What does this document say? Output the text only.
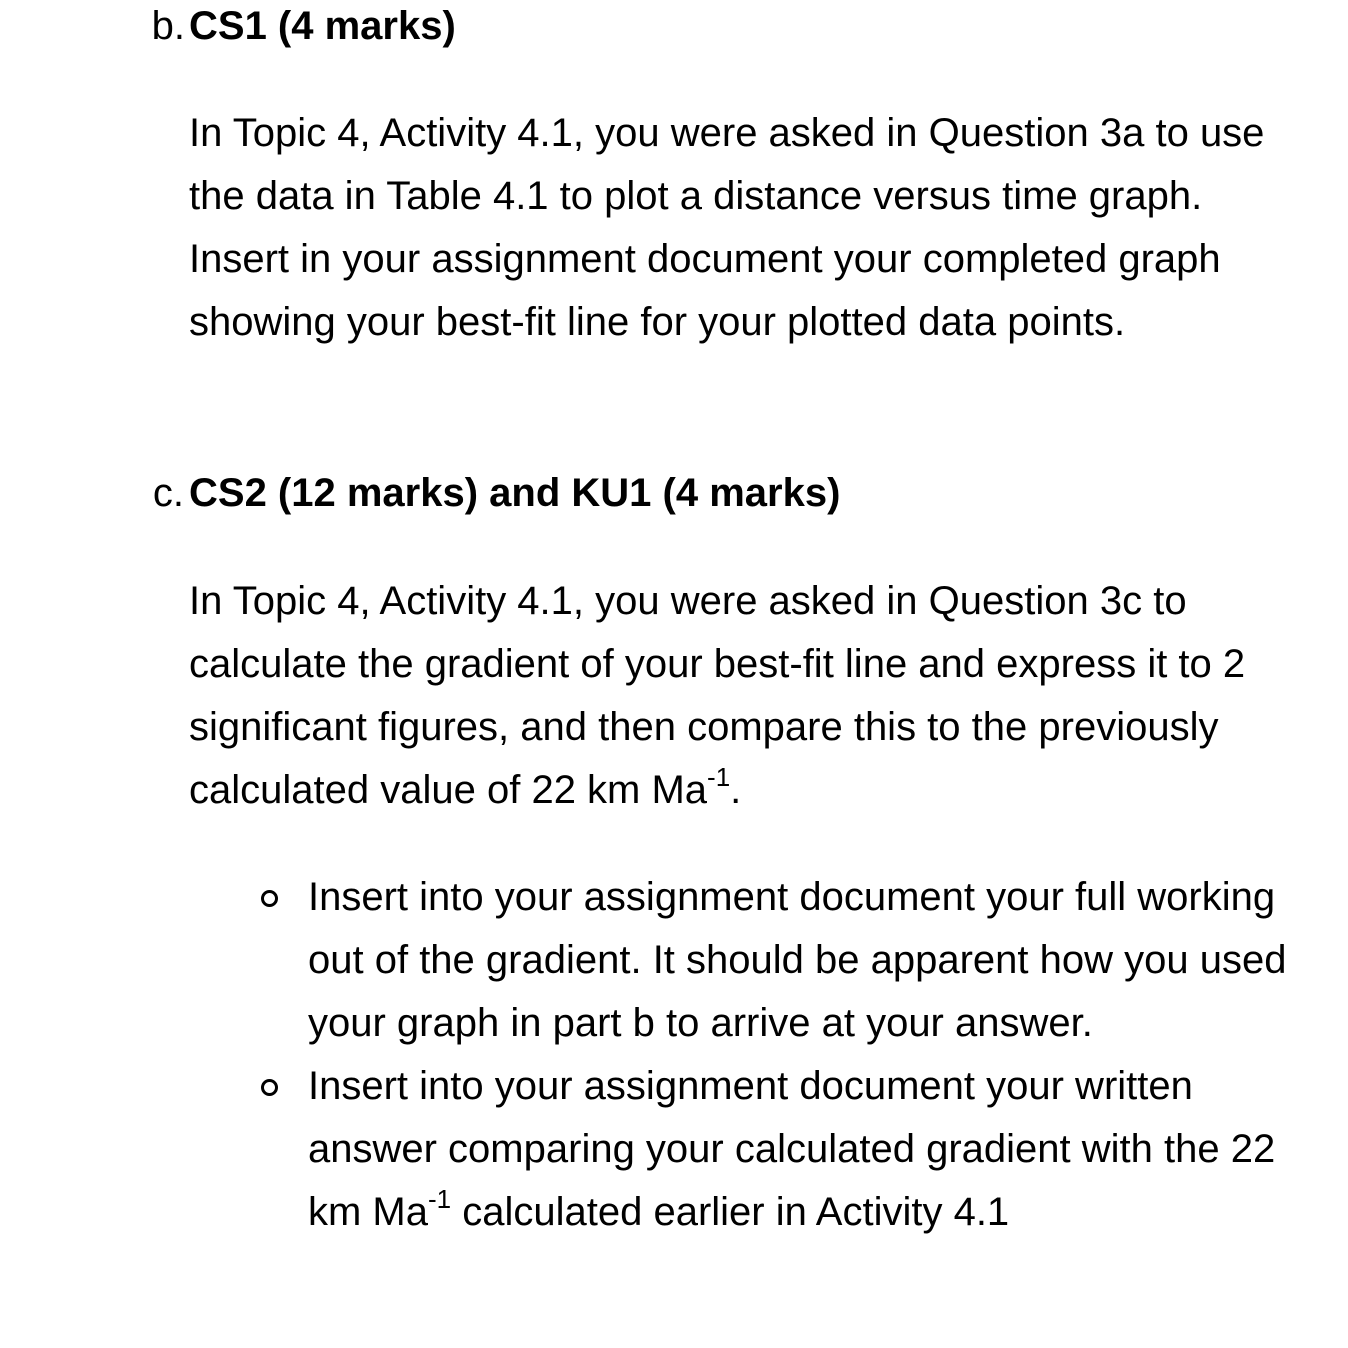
b. CS1 (4 marks)

In Topic 4, Activity 4.1, you were asked in Question 3a to use the data in Table 4.1 to plot a distance versus time graph. Insert in your assignment document your completed graph showing your best-fit line for your plotted data points.

c. CS2 (12 marks) and KU1 (4 marks)

In Topic 4, Activity 4.1, you were asked in Question 3c to calculate the gradient of your best-fit line and express it to 2 significant figures, and then compare this to the previously calculated value of 22 km $Ma^{-1}$.

Insert into your assignment document your full working out of the gradient. It should be apparent how you used your graph in part b to arrive at your answer.
Insert into your assignment document your written answer comparing your calculated gradient with the 22 km $Ma^{-1}$ calculated earlier in Activity 4.1
